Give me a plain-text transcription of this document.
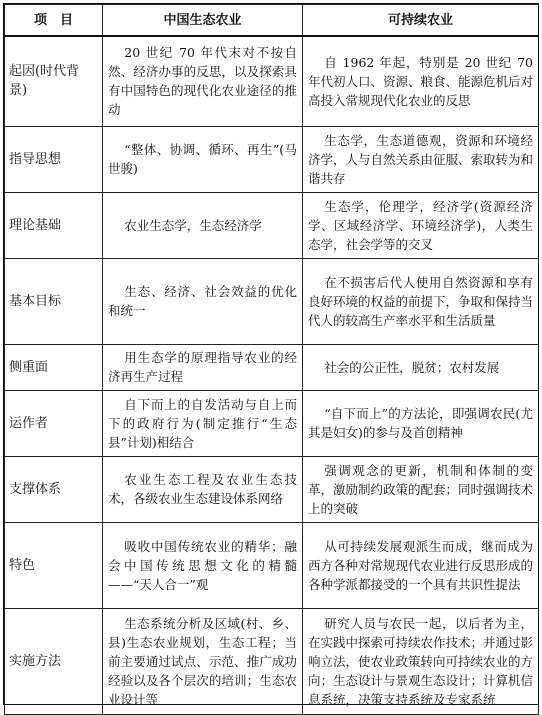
项　目	中国生态农业	可持续农业
起因(时代背景)	20 世纪 70 年代末对不按自然、经济办事的反思，以及探索具有中国特色的现代化农业途径的推动	自 1962 年起，特别是 20 世纪 70 年代初人口、资源、粮食、能源危机后对高投入常规现代化农业的反思
指导思想	“整体、协调、循环、再生”(马世骏)	生态学，生态道德观，资源和环境经济学，人与自然关系由征服、索取转为和谐共存
理论基础	农业生态学，生态经济学	生态学，伦理学，经济学(资源经济学、区域经济学、环境经济学)，人类生态学，社会学等的交叉
基本目标	生态、经济、社会效益的优化和统一	在不损害后代人使用自然资源和享有良好环境的权益的前提下，争取和保持当代人的较高生产率水平和生活质量
侧重面	用生态学的原理指导农业的经济再生产过程	社会的公正性，脱贫；农村发展
运作者	自下而上的自发活动与自上而下的政府行为(制定推行“生态县”计划)相结合	“自下而上”的方法论，即强调农民(尤其是妇女)的参与及首创精神
支撑体系	农业生态工程及农业生态技术，各级农业生态建设体系网络	强调观念的更新，机制和体制的变革，激励制约政策的配套；同时强调技术上的突破
特色	吸收中国传统农业的精华；融会中国传统思想文化的精髓——“天人合一”观	从可持续发展观派生而成，继而成为西方各种对常规现代农业进行反思形成的各种学派都接受的一个具有共识性提法
实施方法	生态系统分析及区域(村、乡、县)生态农业规划，生态工程；当前主要通过试点、示范、推广成功经验以及各个层次的培训；生态农业设计等	研究人员与农民一起，以后者为主，在实践中探索可持续农作技术；并通过影响立法，使农业政策转向可持续农业的方向；生态设计与景观生态设计；计算机信息系统，决策支持系统及专家系统
